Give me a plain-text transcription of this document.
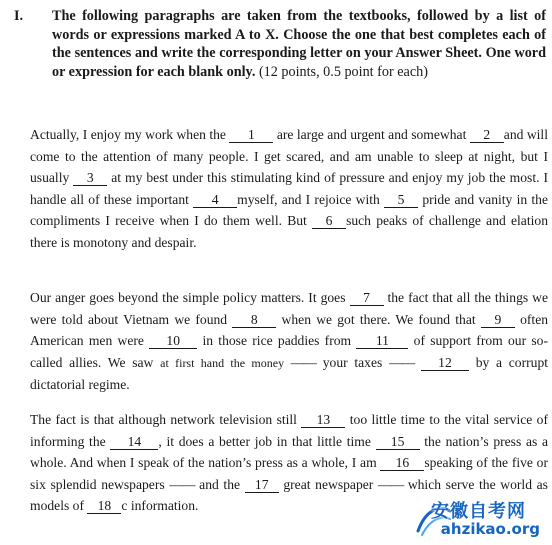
I. The following paragraphs are taken from the textbooks, followed by a list of words or expressions marked A to X. Choose the one that best completes each of the sentences and write the corresponding letter on your Answer Sheet. One word or expression for each blank only. (12 points, 0.5 point for each)
Actually, I enjoy my work when the 1 are large and urgent and somewhat 2 and will come to the attention of many people. I get scared, and am unable to sleep at night, but I usually 3 at my best under this stimulating kind of pressure and enjoy my job the most. I handle all of these important 4 myself, and I rejoice with 5 pride and vanity in the compliments I receive when I do them well. But 6 such peaks of challenge and elation there is monotony and despair.
Our anger goes beyond the simple policy matters. It goes 7 the fact that all the things we were told about Vietnam we found 8 when we got there. We found that 9 often American men were 10 in those rice paddies from 11 of support from our so-called allies. We saw at first hand the money —— your taxes —— 12 by a corrupt dictatorial regime.
The fact is that although network television still 13 too little time to the vital service of informing the 14 , it does a better job in that little time 15 the nation’s press as a whole. And when I speak of the nation’s press as a whole, I am 16 speaking of the five or six splendid newspapers —— and the 17 great newspaper —— which serve the world as models of 18 c information.	安徽自考网
ahzikao.org
